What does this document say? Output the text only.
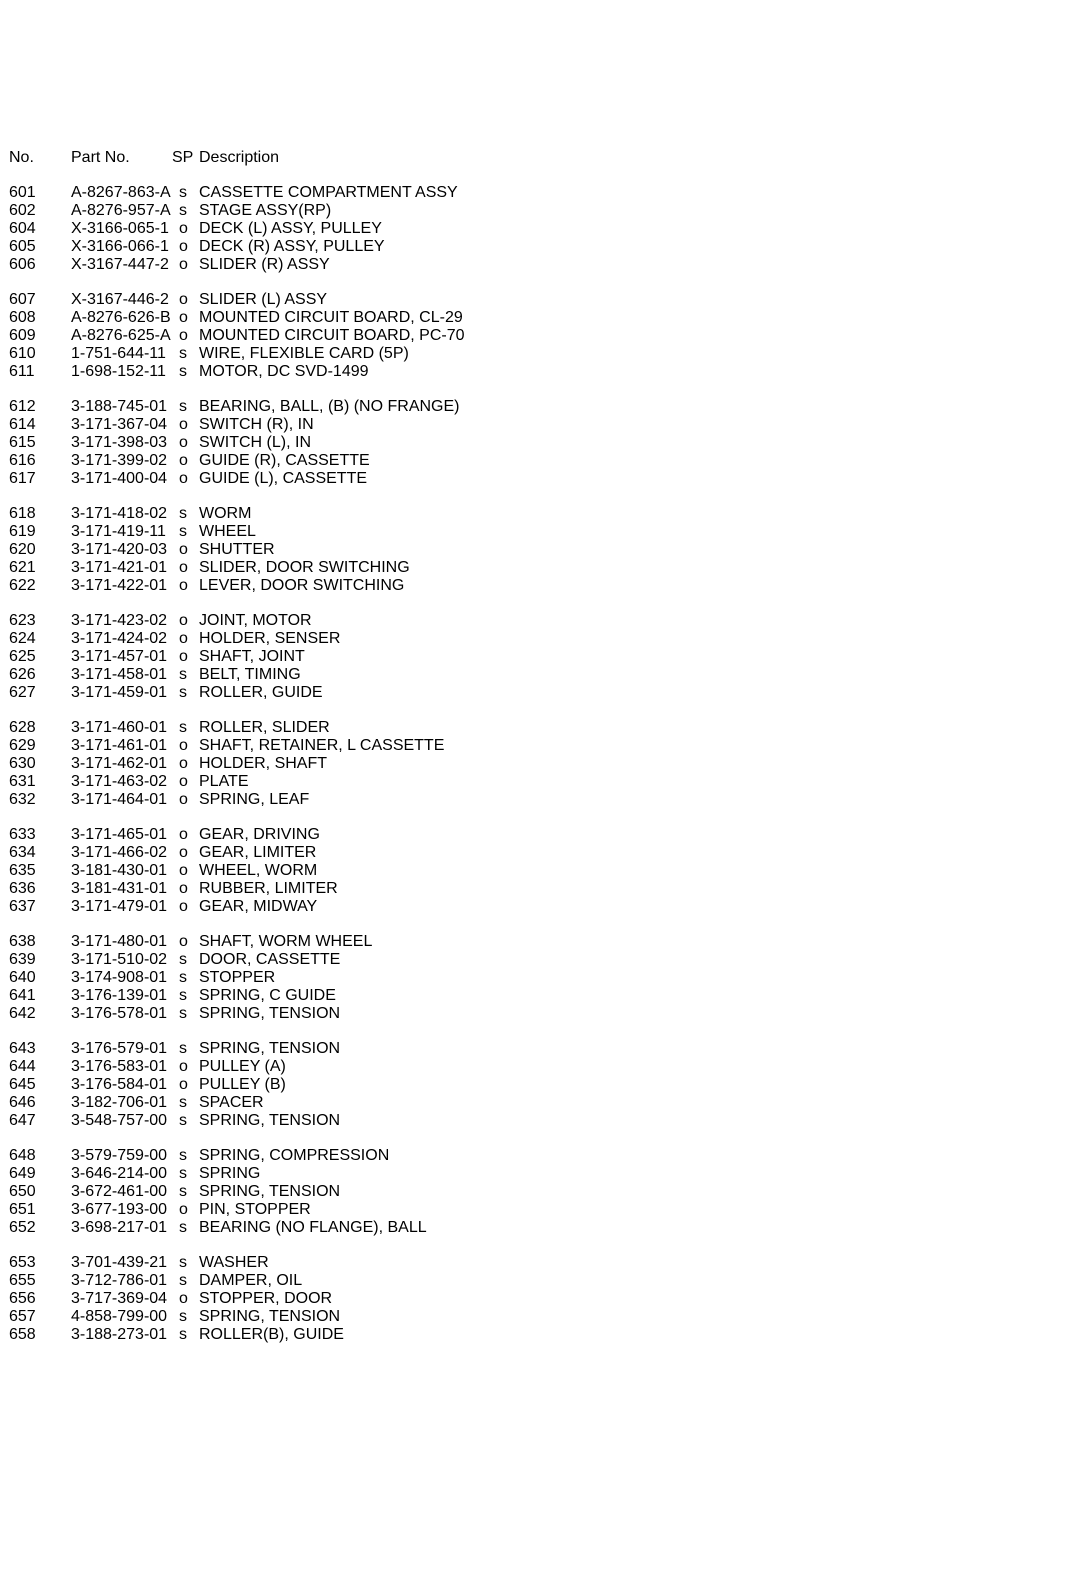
No. Part No.	SP Description
601 A-8267-863-A s CASSETTE COMPARTMENT ASSY
602 A-8276-957-A s STAGE ASSY(RP)
604 X-3166-065-1 o DECK (L) ASSY, PULLEY
605 X-3166-066-1 o DECK (R) ASSY, PULLEY
606 X-3167-447-2 o SLIDER (R) ASSY
607 X-3167-446-2 o SLIDER (L) ASSY
608 A-8276-626-B o MOUNTED CIRCUIT BOARD, CL-29
609 A-8276-625-A o MOUNTED CIRCUIT BOARD, PC-70
610 1-751-644-11 s WIRE, FLEXIBLE CARD (5P)
611 1-698-152-11 s MOTOR, DC SVD-1499
612 3-188-745-01 s BEARING, BALL, (B) (NO FRANGE)
614 3-171-367-04 o SWITCH (R), IN
615 3-171-398-03 o SWITCH (L), IN
616 3-171-399-02 o GUIDE (R), CASSETTE
617 3-171-400-04 o GUIDE (L), CASSETTE
618 3-171-418-02 s WORM
619 3-171-419-11 s WHEEL
620 3-171-420-03 o SHUTTER
621 3-171-421-01 o SLIDER, DOOR SWITCHING
622 3-171-422-01 o LEVER, DOOR SWITCHING
623 3-171-423-02 o JOINT, MOTOR
624 3-171-424-02 o HOLDER, SENSER
625 3-171-457-01 o SHAFT, JOINT
626 3-171-458-01 s BELT, TIMING
627 3-171-459-01 s ROLLER, GUIDE
628 3-171-460-01 s ROLLER, SLIDER
629 3-171-461-01 o SHAFT, RETAINER, L CASSETTE
630 3-171-462-01 o HOLDER, SHAFT
631 3-171-463-02 o PLATE
632 3-171-464-01 o SPRING, LEAF
633 3-171-465-01 o GEAR, DRIVING
634 3-171-466-02 o GEAR, LIMITER
635 3-181-430-01 o WHEEL, WORM
636 3-181-431-01 o RUBBER, LIMITER
637 3-171-479-01 o GEAR, MIDWAY
638 3-171-480-01 o SHAFT, WORM WHEEL
639 3-171-510-02 s DOOR, CASSETTE
640 3-174-908-01 s STOPPER
641 3-176-139-01 s SPRING, C GUIDE
642 3-176-578-01 s SPRING, TENSION
643 3-176-579-01 s SPRING, TENSION
644 3-176-583-01 o PULLEY (A)
645 3-176-584-01 o PULLEY (B)
646 3-182-706-01 s SPACER
647 3-548-757-00 s SPRING, TENSION
648 3-579-759-00 s SPRING, COMPRESSION
649 3-646-214-00 s SPRING
650 3-672-461-00 s SPRING, TENSION
651 3-677-193-00 o PIN, STOPPER
652 3-698-217-01 s BEARING (NO FLANGE), BALL
653 3-701-439-21 s WASHER
655 3-712-786-01 s DAMPER, OIL
656 3-717-369-04 o STOPPER, DOOR
657 4-858-799-00 s SPRING, TENSION
658 3-188-273-01 s ROLLER(B), GUIDE
